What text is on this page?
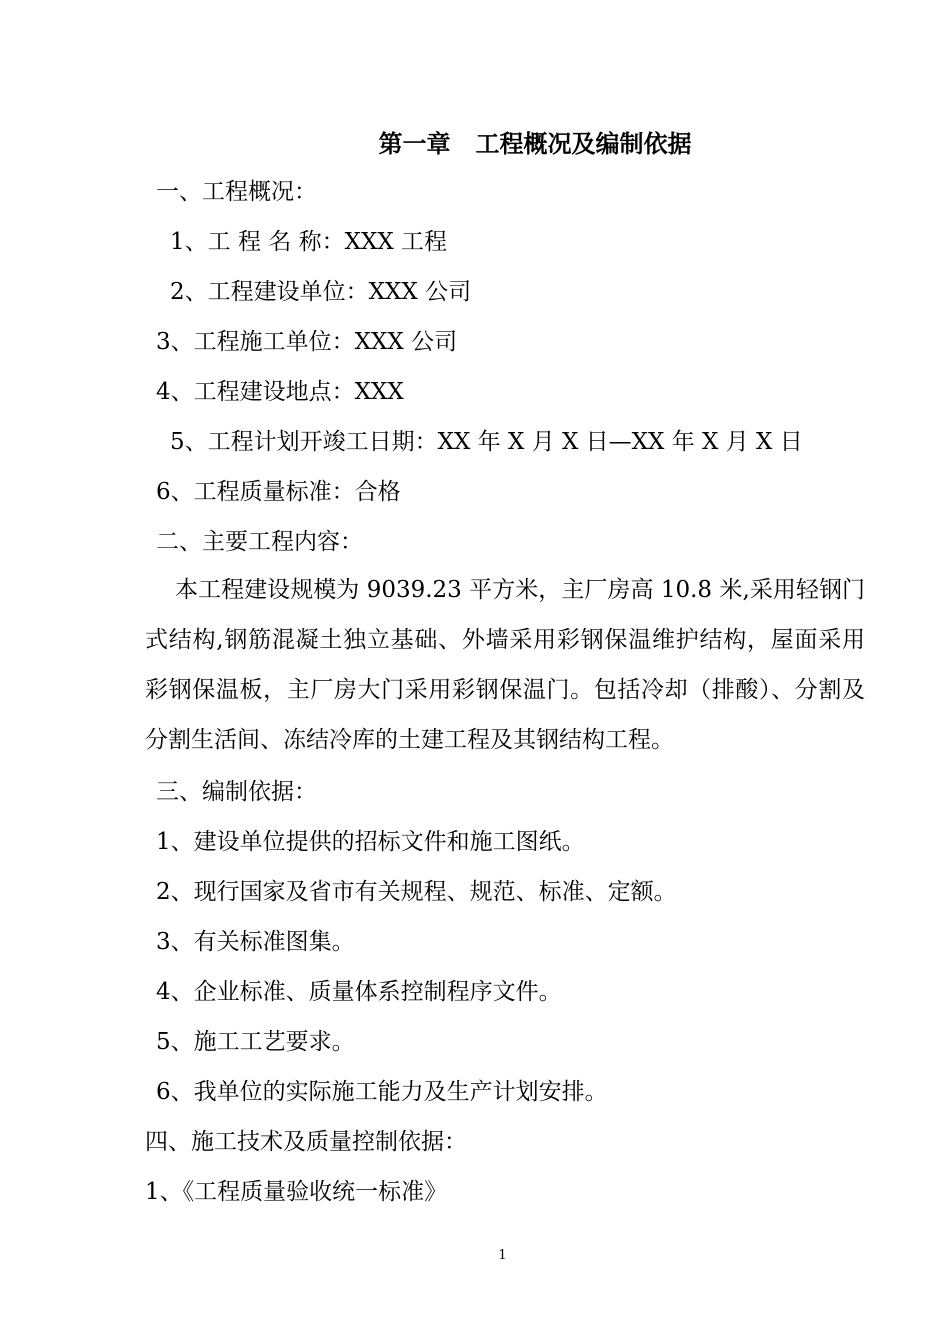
第一章   工程概况及编制依据
一、工程概况：
1、工 程 名 称：XXX 工程
2、工程建设单位：XXX 公司
3、工程施工单位：XXX 公司
4、工程建设地点：XXX
5、工程计划开竣工日期：XX 年 X 月 X 日—XX 年 X 月 X 日
6、工程质量标准：合格
二、主要工程内容：
本工程建设规模为 9039.23 平方米，主厂房高 10.8 米,采用轻钢门式结构,钢筋混凝土独立基础、外墙采用彩钢保温维护结构，屋面采用彩钢保温板，主厂房大门采用彩钢保温门。包括冷却（排酸）、分割及分割生活间、冻结冷库的土建工程及其钢结构工程。
三、编制依据：
1、建设单位提供的招标文件和施工图纸。
2、现行国家及省市有关规程、规范、标准、定额。
3、有关标准图集。
4、企业标准、质量体系控制程序文件。
5、施工工艺要求。
6、我单位的实际施工能力及生产计划安排。
四、施工技术及质量控制依据：
1、《工程质量验收统一标准》
1
